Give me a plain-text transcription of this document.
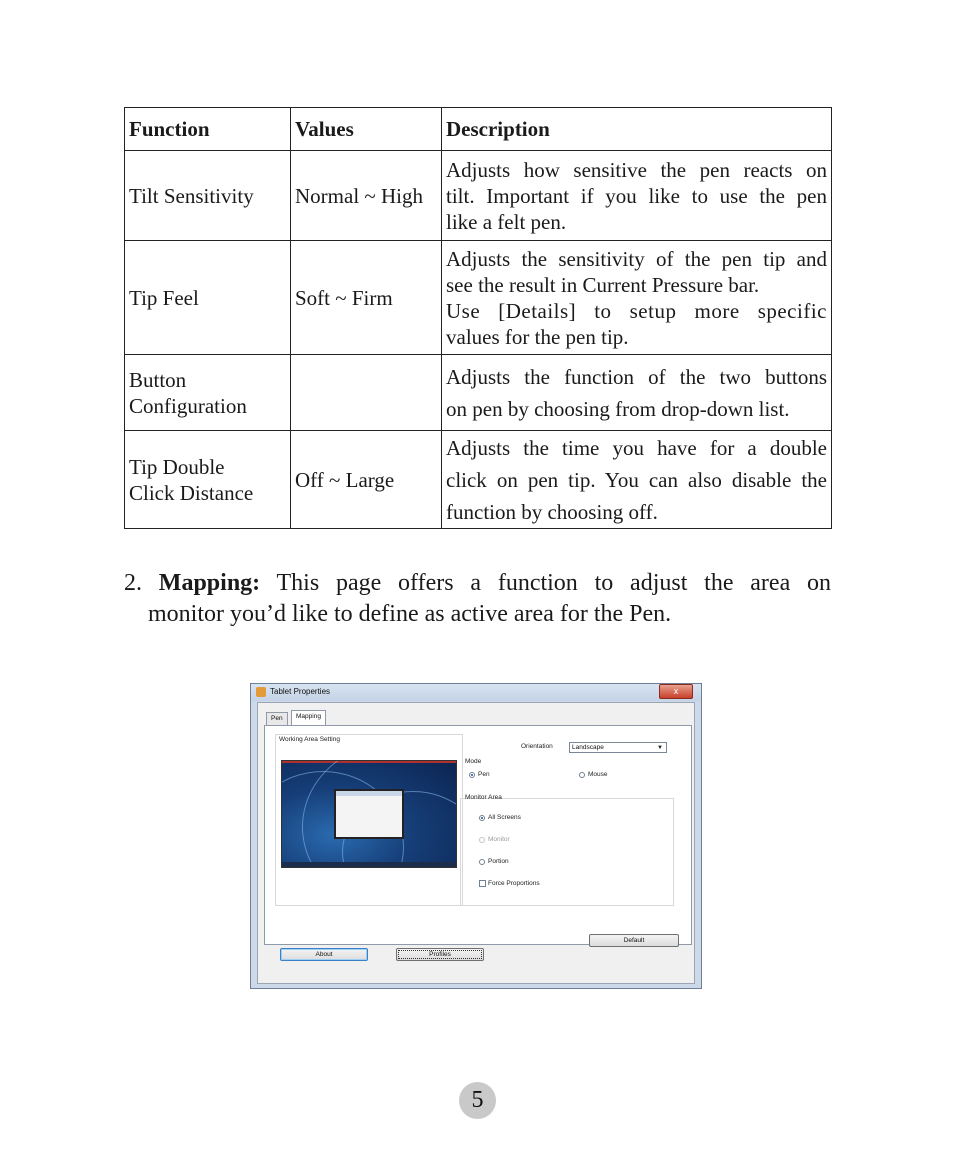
Function	Values	Description
Tilt Sensitivity	Normal ~ High	Adjusts how sensitive the pen reacts on
tilt. Important if you like to use the pen
like a felt pen.

Tip Feel	Soft ~ Firm	Adjusts the sensitivity of the pen tip and
see the result in Current Pressure bar.
Use [Details] to setup more specific
values for the pen tip.

Button
Configuration		Adjusts the function of the two buttons
on pen by choosing from drop-down list.

Tip Double
Click Distance	Off ~ Large	Adjusts the time you have for a double
click on pen tip. You can also disable the
function by choosing off.
2. Mapping: This page offers a function to adjust the area on
monitor you’d like to define as active area for the Pen.
Tablet Properties	x
Pen	Mapping
Working Area Setting
Orientation	Landscape	▼
Mode
Pen	Mouse
Monitor Area
All Screens
Monitor
Portion
Force Proportions
Default
About	Profiles
5
